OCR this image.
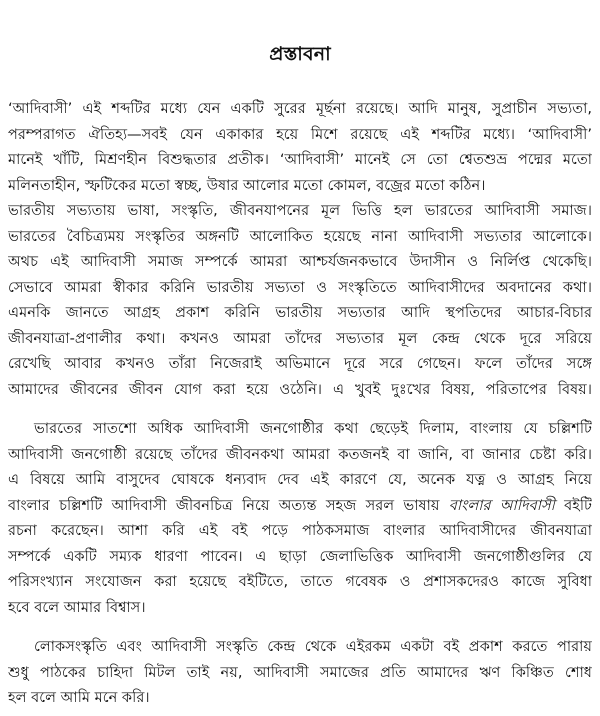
প্রস্তাবনা

‘আদিবাসী’ এই শব্দটির মধ্যে যেন একটি সুরের মূর্ছনা রয়েছে। আদি মানুষ, সুপ্রাচীন সভ্যতা,
পরম্পরাগত ঐতিহ্য—সবই যেন একাকার হয়ে মিশে রয়েছে এই শব্দটির মধ্যে। ‘আদিবাসী’
মানেই খাঁটি, মিশ্রণহীন বিশুদ্ধতার প্রতীক। ‘আদিবাসী’ মানেই সে তো শ্বেতশুভ্র পদ্মের মতো
মলিনতাহীন, স্ফটিকের মতো স্বচ্ছ, উষার আলোর মতো কোমল, বজ্রের মতো কঠিন।
ভারতীয় সভ্যতায় ভাষা, সংস্কৃতি, জীবনযাপনের মূল ভিত্তি হল ভারতের আদিবাসী সমাজ।
ভারতের বৈচিত্র্যময় সংস্কৃতির অঙ্গনটি আলোকিত হয়েছে নানা আদিবাসী সভ্যতার আলোকে।
অথচ এই আদিবাসী সমাজ সম্পর্কে আমরা আশ্চর্যজনকভাবে উদাসীন ও নির্লিপ্ত থেকেছি।
সেভাবে আমরা স্বীকার করিনি ভারতীয় সভ্যতা ও সংস্কৃতিতে আদিবাসীদের অবদানের কথা।
এমনকি জানতে আগ্রহ প্রকাশ করিনি ভারতীয় সভ্যতার আদি স্থপতিদের আচার-বিচার
জীবনযাত্রা-প্রণালীর কথা। কখনও আমরা তাঁদের সভ্যতার মূল কেন্দ্র থেকে দূরে সরিয়ে
রেখেছি আবার কখনও তাঁরা নিজেরাই অভিমানে দূরে সরে গেছেন। ফলে তাঁদের সঙ্গে
আমাদের জীবনের জীবন যোগ করা হয়ে ওঠেনি। এ খুবই দুঃখের বিষয়, পরিতাপের বিষয়।

ভারতের সাতশো অধিক আদিবাসী জনগোষ্ঠীর কথা ছেড়েই দিলাম, বাংলায় যে চল্লিশটি
আদিবাসী জনগোষ্ঠী রয়েছে তাঁদের জীবনকথা আমরা কতজনই বা জানি, বা জানার চেষ্টা করি।
এ বিষয়ে আমি বাসুদেব ঘোষকে ধন্যবাদ দেব এই কারণে যে, অনেক যত্ন ও আগ্রহ নিয়ে
বাংলার চল্লিশটি আদিবাসী জীবনচিত্র নিয়ে অত্যন্ত সহজ সরল ভাষায় বাংলার আদিবাসী বইটি
রচনা করেছেন। আশা করি এই বই পড়ে পাঠকসমাজ বাংলার আদিবাসীদের জীবনযাত্রা
সম্পর্কে একটি সম্যক ধারণা পাবেন। এ ছাড়া জেলাভিত্তিক আদিবাসী জনগোষ্ঠীগুলির যে
পরিসংখ্যান সংযোজন করা হয়েছে বইটিতে, তাতে গবেষক ও প্রশাসকদেরও কাজে সুবিধা
হবে বলে আমার বিশ্বাস।

লোকসংস্কৃতি এবং আদিবাসী সংস্কৃতি কেন্দ্র থেকে এইরকম একটা বই প্রকাশ করতে পারায়
শুধু পাঠকের চাহিদা মিটল তাই নয়, আদিবাসী সমাজের প্রতি আমাদের ঋণ কিঞ্চিত শোধ
হল বলে আমি মনে করি।
